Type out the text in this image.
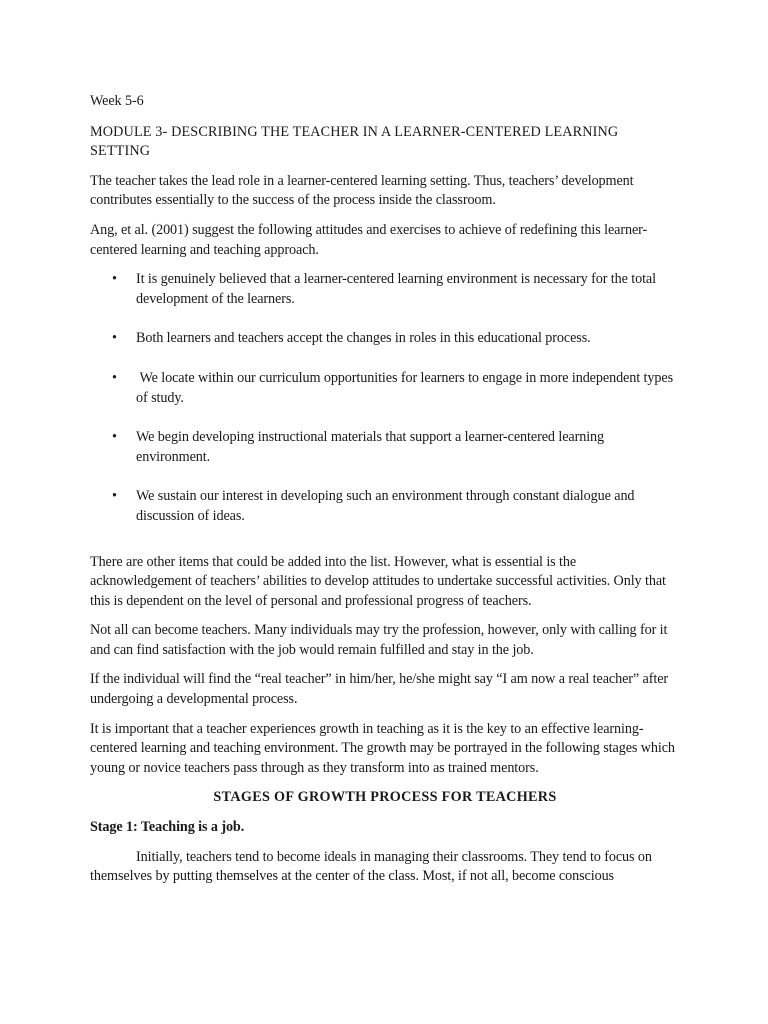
Week 5-6

MODULE 3- DESCRIBING THE TEACHER IN A LEARNER-CENTERED LEARNING SETTING

The teacher takes the lead role in a learner-centered learning setting. Thus, teachers’ development contributes essentially to the success of the process inside the classroom.

Ang, et al. (2001) suggest the following attitudes and exercises to achieve of redefining this learner-centered learning and teaching approach.

• It is genuinely believed that a learner-centered learning environment is necessary for the total development of the learners.
• Both learners and teachers accept the changes in roles in this educational process.
• We locate within our curriculum opportunities for learners to engage in more independent types of study.
• We begin developing instructional materials that support a learner-centered learning environment.
• We sustain our interest in developing such an environment through constant dialogue and discussion of ideas.

There are other items that could be added into the list. However, what is essential is the acknowledgement of teachers’ abilities to develop attitudes to undertake successful activities. Only that this is dependent on the level of personal and professional progress of teachers.

Not all can become teachers. Many individuals may try the profession, however, only with calling for it and can find satisfaction with the job would remain fulfilled and stay in the job.

If the individual will find the “real teacher” in him/her, he/she might say “I am now a real teacher” after undergoing a developmental process.

It is important that a teacher experiences growth in teaching as it is the key to an effective learning-centered learning and teaching environment. The growth may be portrayed in the following stages which young or novice teachers pass through as they transform into as trained mentors.

STAGES OF GROWTH PROCESS FOR TEACHERS

Stage 1: Teaching is a job.

Initially, teachers tend to become ideals in managing their classrooms. They tend to focus on themselves by putting themselves at the center of the class. Most, if not all, become conscious
